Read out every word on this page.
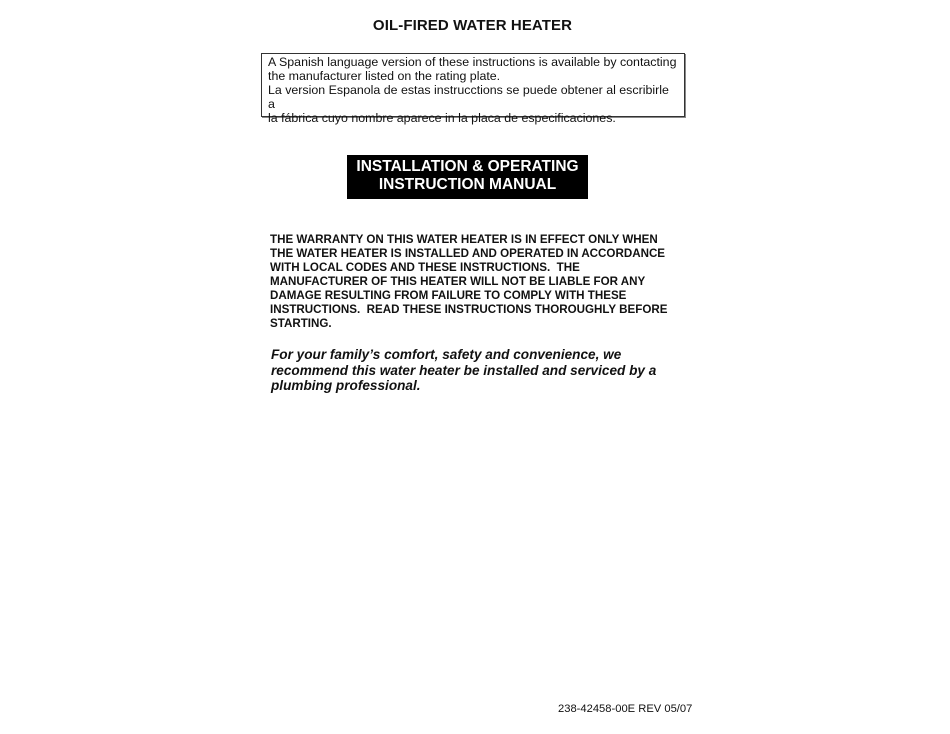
OIL-FIRED WATER HEATER

A Spanish language version of these instructions is available by contacting

the manufacturer listed on the rating plate.

La version Espanola de estas instrucctions se puede obtener al escribirle a

la fábrica cuyo nombre aparece in la placa de especificaciones.

INSTALLATION & OPERATING
INSTRUCTION MANUAL
THE WARRANTY ON THIS WATER HEATER IS IN EFFECT ONLY WHEN
THE WATER HEATER IS INSTALLED AND OPERATED IN ACCORDANCE
WITH LOCAL CODES AND THESE INSTRUCTIONS.  THE
MANUFACTURER OF THIS HEATER WILL NOT BE LIABLE FOR ANY
DAMAGE RESULTING FROM FAILURE TO COMPLY WITH THESE
INSTRUCTIONS.  READ THESE INSTRUCTIONS THOROUGHLY BEFORE
STARTING.
For your family’s comfort, safety and convenience, we
recommend this water heater be installed and serviced by a
plumbing professional.
238-42458-00E REV 05/07
